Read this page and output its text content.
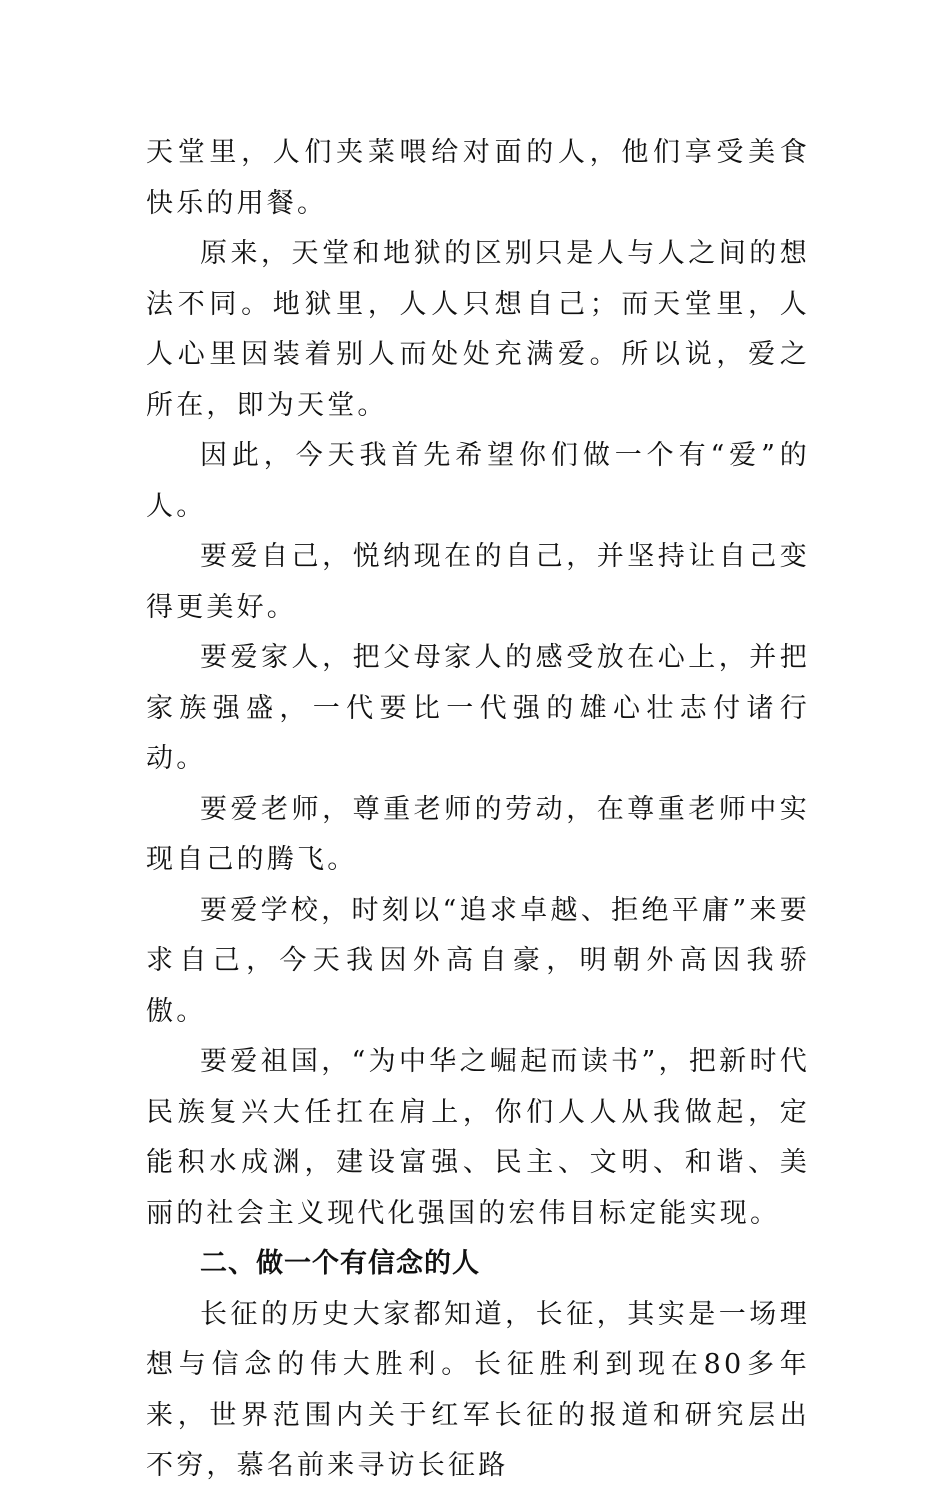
天堂里，人们夹菜喂给对面的人，他们享受美食快乐的用餐。

原来，天堂和地狱的区别只是人与人之间的想法不同。地狱里，人人只想自己；而天堂里，人人心里因装着别人而处处充满爱。所以说，爱之所在，即为天堂。

因此，今天我首先希望你们做一个有“爱”的人。

要爱自己，悦纳现在的自己，并坚持让自己变得更美好。

要爱家人，把父母家人的感受放在心上，并把家族强盛，一代要比一代强的雄心壮志付诸行动。

要爱老师，尊重老师的劳动，在尊重老师中实现自己的腾飞。

要爱学校，时刻以“追求卓越、拒绝平庸”来要求自己，今天我因外高自豪，明朝外高因我骄傲。

要爱祖国，“为中华之崛起而读书”，把新时代民族复兴大任扛在肩上，你们人人从我做起，定能积水成渊，建设富强、民主、文明、和谐、美丽的社会主义现代化强国的宏伟目标定能实现。

二、做一个有信念的人

长征的历史大家都知道，长征，其实是一场理想与信念的伟大胜利。长征胜利到现在80多年来，世界范围内关于红军长征的报道和研究层出不穷，慕名前来寻访长征路
